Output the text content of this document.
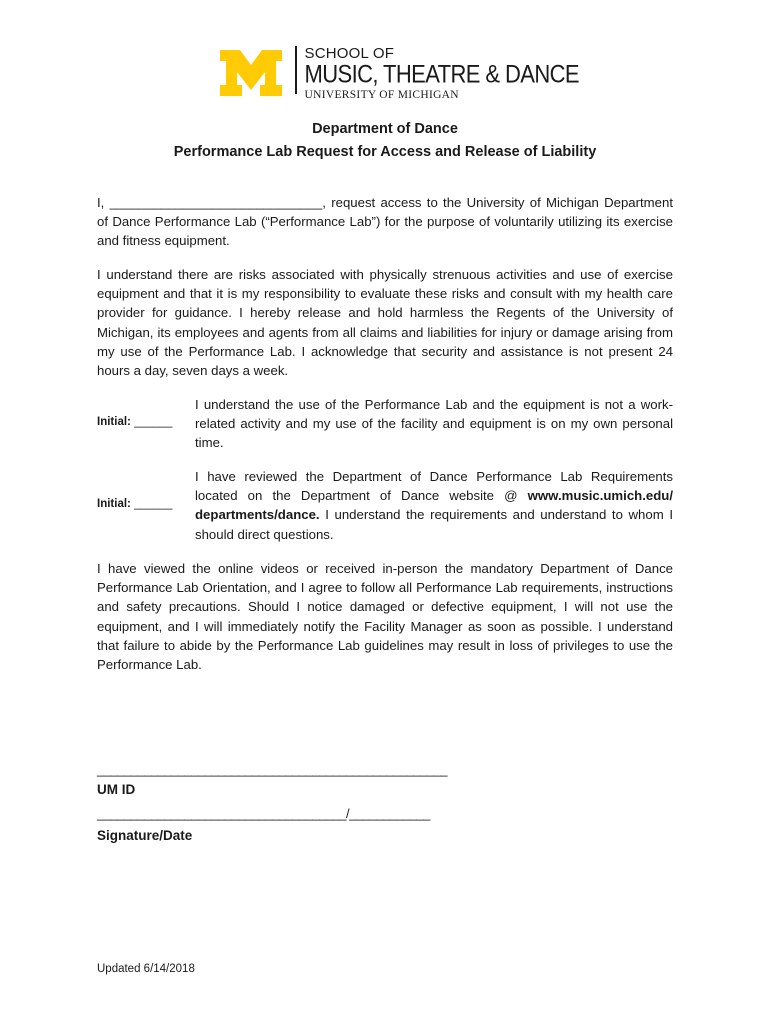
SCHOOL OF
MUSIC, THEATRE & DANCE
UNIVERSITY OF MICHIGAN
Department of Dance
Performance Lab Request for Access and Release of Liability
I, _____________________________, request access to the University of Michigan Department of Dance Performance Lab (“Performance Lab”) for the purpose of voluntarily utilizing its exercise and fitness equipment.
I understand there are risks associated with physically strenuous activities and use of exercise equipment and that it is my responsibility to evaluate these risks and consult with my health care provider for guidance. I hereby release and hold harmless the Regents of the University of Michigan, its employees and agents from all claims and liabilities for injury or damage arising from my use of the Performance Lab. I acknowledge that security and assistance is not present 24 hours a day, seven days a week.
Initial: ______
I understand the use of the Performance Lab and the equipment is not a work-related activity and my use of the facility and equipment is on my own personal time.
Initial: ______
I have reviewed the Department of Dance Performance Lab Requirements located on the Department of Dance website @ www.music.umich.edu/ departments/dance. I understand the requirements and understand to whom I should direct questions.
I have viewed the online videos or received in-person the mandatory Department of Dance Performance Lab Orientation, and I agree to follow all Performance Lab requirements, instructions and safety precautions. Should I notice damaged or defective equipment, I will not use the equipment, and I will immediately notify the Facility Manager as soon as possible. I understand that failure to abide by the Performance Lab guidelines may result in loss of privileges to use the Performance Lab.
____________________________________________________
UM ID
_____________________________________/____________
Signature/Date
Updated 6/14/2018
